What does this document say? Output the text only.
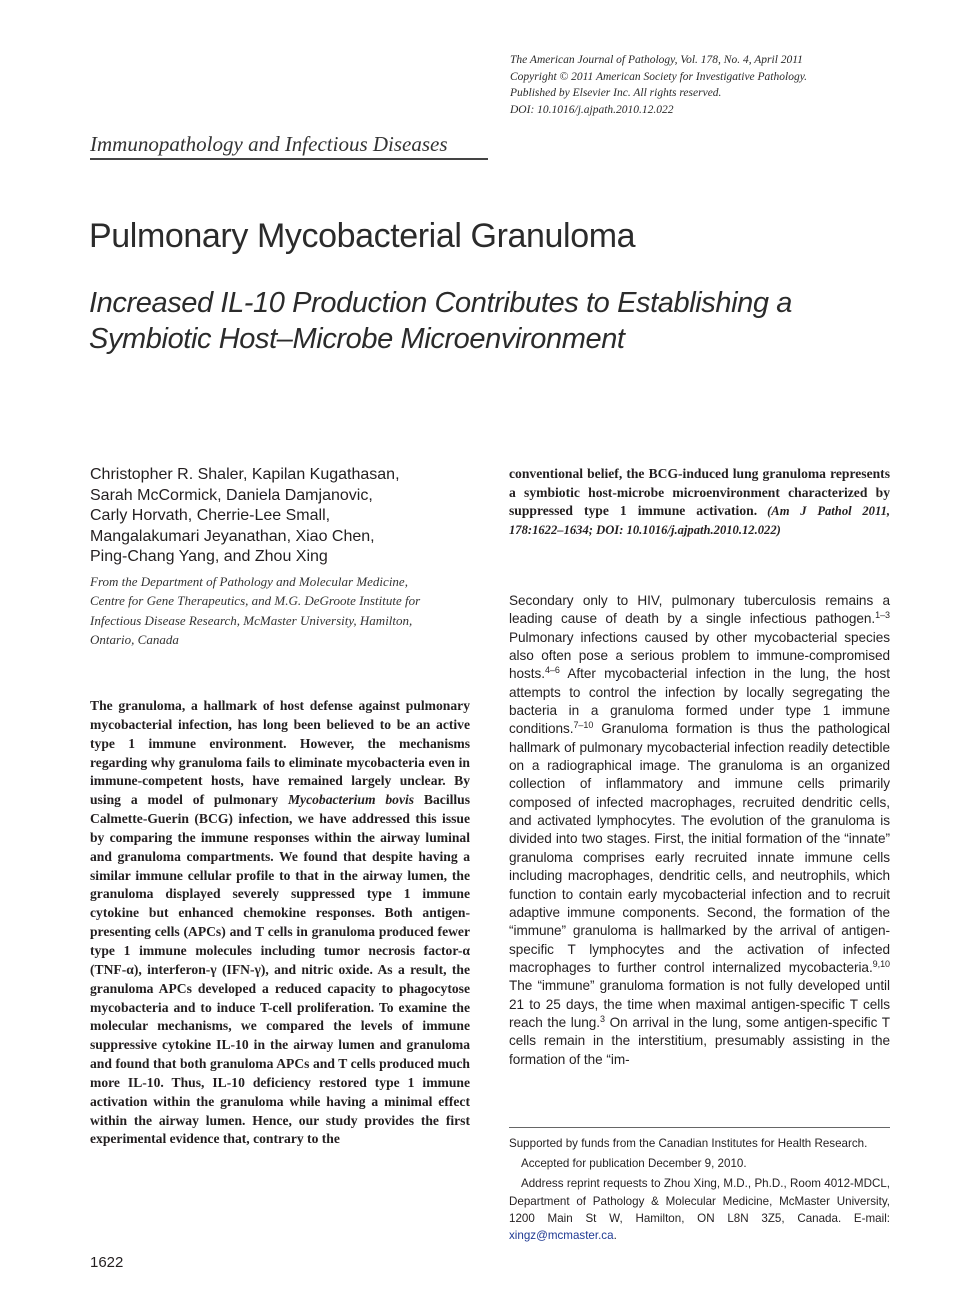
The American Journal of Pathology, Vol. 178, No. 4, April 2011
Copyright © 2011 American Society for Investigative Pathology.
Published by Elsevier Inc. All rights reserved.
DOI: 10.1016/j.ajpath.2010.12.022
Immunopathology and Infectious Diseases
Pulmonary Mycobacterial Granuloma
Increased IL-10 Production Contributes to Establishing a
Symbiotic Host–Microbe Microenvironment
Christopher R. Shaler, Kapilan Kugathasan,
Sarah McCormick, Daniela Damjanovic,
Carly Horvath, Cherrie-Lee Small,
Mangalakumari Jeyanathan, Xiao Chen,
Ping-Chang Yang, and Zhou Xing
From the Department of Pathology and Molecular Medicine,
Centre for Gene Therapeutics, and M.G. DeGroote Institute for
Infectious Disease Research, McMaster University, Hamilton,
Ontario, Canada
The granuloma, a hallmark of host defense against pulmonary mycobacterial infection, has long been believed to be an active type 1 immune environment. However, the mechanisms regarding why granuloma fails to eliminate mycobacteria even in immune-competent hosts, have remained largely unclear. By using a model of pulmonary Mycobacterium bovis Bacillus Calmette-Guerin (BCG) infection, we have addressed this issue by comparing the immune responses within the airway luminal and granuloma compartments. We found that despite having a similar immune cellular profile to that in the airway lumen, the granuloma displayed severely suppressed type 1 immune cytokine but enhanced chemokine responses. Both antigen-presenting cells (APCs) and T cells in granuloma produced fewer type 1 immune molecules including tumor necrosis factor-α (TNF-α), interferon-γ (IFN-γ), and nitric oxide. As a result, the granuloma APCs developed a reduced capacity to phagocytose mycobacteria and to induce T-cell proliferation. To examine the molecular mechanisms, we compared the levels of immune suppressive cytokine IL-10 in the airway lumen and granuloma and found that both granuloma APCs and T cells produced much more IL-10. Thus, IL-10 deficiency restored type 1 immune activation within the granuloma while having a minimal effect within the airway lumen. Hence, our study provides the first experimental evidence that, contrary to the
conventional belief, the BCG-induced lung granuloma represents a symbiotic host-microbe microenvironment characterized by suppressed type 1 immune activation. (Am J Pathol 2011, 178:1622–1634; DOI: 10.1016/j.ajpath.2010.12.022)
Secondary only to HIV, pulmonary tuberculosis remains a leading cause of death by a single infectious pathogen.$^{1-3}$ Pulmonary infections caused by other mycobacterial species also often pose a serious problem to immune-compromised hosts.$^{4-6}$ After mycobacterial infection in the lung, the host attempts to control the infection by locally segregating the bacteria in a granuloma formed under type 1 immune conditions.$^{7-10}$ Granuloma formation is thus the pathological hallmark of pulmonary mycobacterial infection readily detectible on a radiographical image. The granuloma is an organized collection of inflammatory and immune cells primarily composed of infected macrophages, recruited dendritic cells, and activated lymphocytes. The evolution of the granuloma is divided into two stages. First, the initial formation of the “innate” granuloma comprises early recruited innate immune cells including macrophages, dendritic cells, and neutrophils, which function to contain early mycobacterial infection and to recruit adaptive immune components. Second, the formation of the “immune” granuloma is hallmarked by the arrival of antigen-specific T lymphocytes and the activation of infected macrophages to further control internalized mycobacteria.$^{9,10}$ The “immune” granuloma formation is not fully developed until 21 to 25 days, the time when maximal antigen-specific T cells reach the lung.$^3$ On arrival in the lung, some antigen-specific T cells remain in the interstitium, presumably assisting in the formation of the “im-

Supported by funds from the Canadian Institutes for Health Research.

Accepted for publication December 9, 2010.

Address reprint requests to Zhou Xing, M.D., Ph.D., Room 4012-MDCL, Department of Pathology & Molecular Medicine, McMaster University, 1200 Main St W, Hamilton, ON L8N 3Z5, Canada. E-mail: xingz@mcmaster.ca.

1622
